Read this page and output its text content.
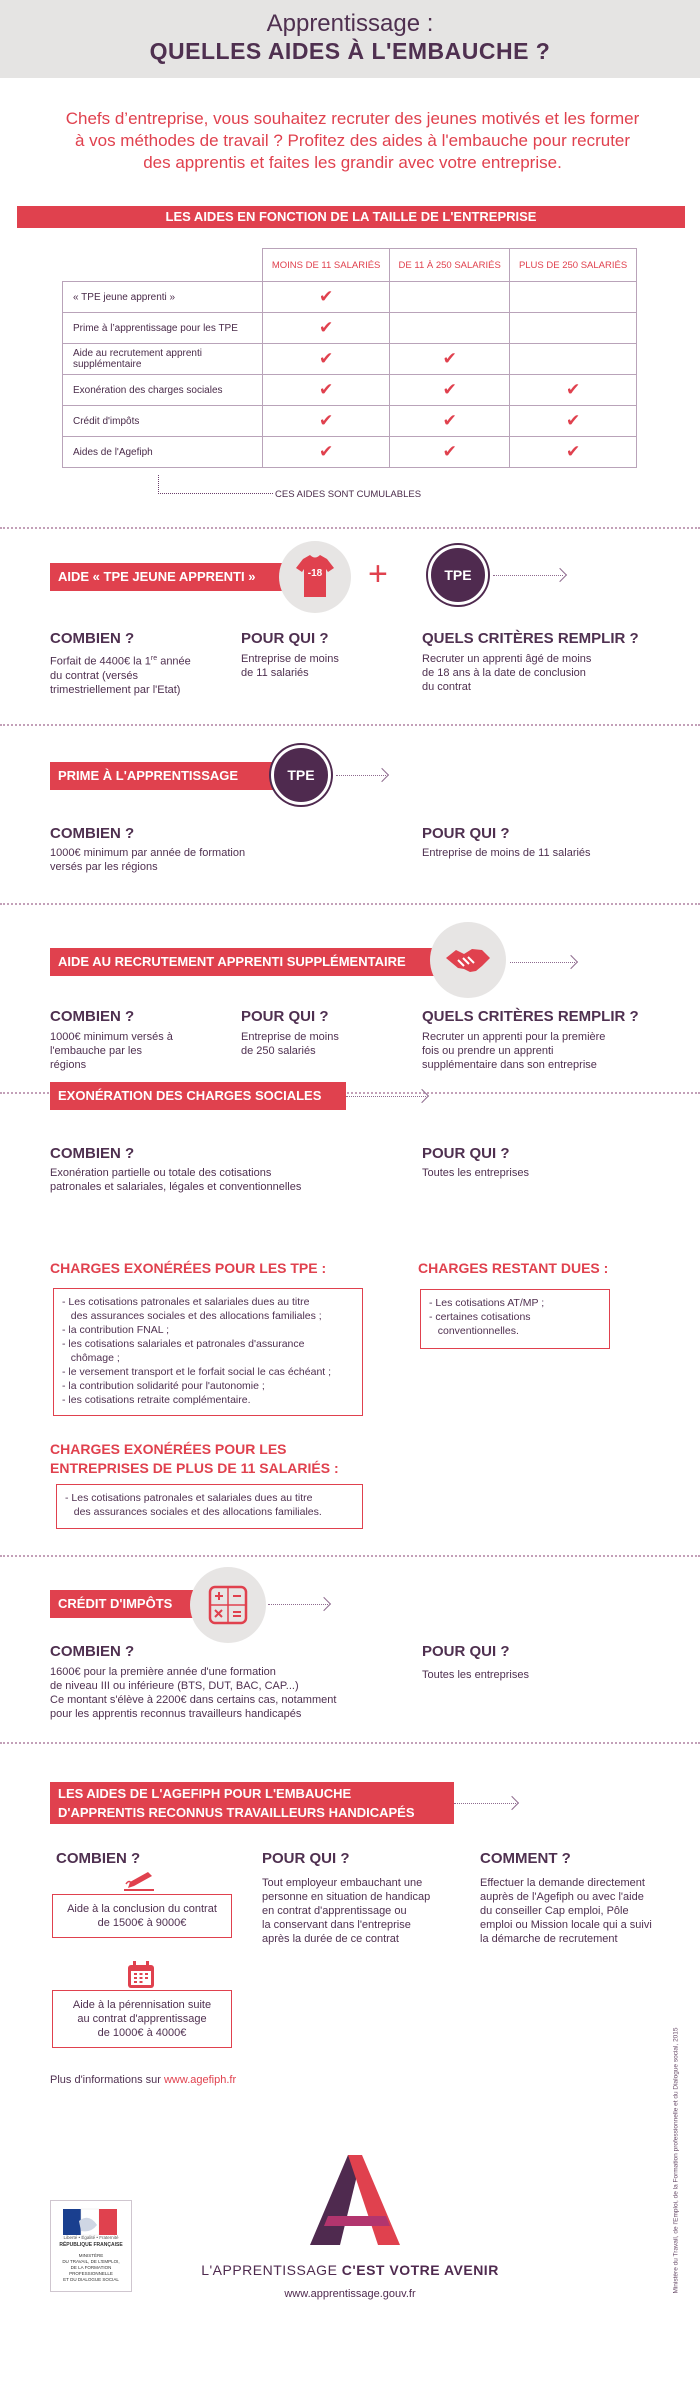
Apprentissage :
QUELLES AIDES À L'EMBAUCHE ?
Chefs d’entreprise, vous souhaitez recruter des jeunes motivés et les former à vos méthodes de travail ? Profitez des aides à l'embauche pour recruter des apprentis et faites les grandir avec votre entreprise.
LES AIDES EN FONCTION DE LA TAILLE DE L'ENTREPRISE
	MOINS DE 11 SALARIÉS	DE 11 À 250 SALARIÉS	PLUS DE 250 SALARIÉS
« TPE jeune apprenti »	✔		
Prime à l’apprentissage pour les TPE	✔		
Aide au recrutement apprenti supplémentaire	✔	✔	
Exonération des charges sociales	✔	✔	✔
Crédit d'impôts	✔	✔	✔
Aides de l'Agefiph	✔	✔	✔
CES AIDES SONT CUMULABLES
AIDE « TPE JEUNE APPRENTI »	-18 +	TPE
COMBIEN ?
Forfait de 4400€ la 1re année
du contrat (versés
trimestriellement par l'Etat)
POUR QUI ?
Entreprise de moins
de 11 salariés
QUELS CRITÈRES REMPLIR ?
Recruter un apprenti âgé de moins
de 18 ans à la date de conclusion
du contrat
PRIME À L'APPRENTISSAGE	TPE
COMBIEN ?
1000€ minimum par année de formation
versés par les régions
POUR QUI ?
Entreprise de moins de 11 salariés
AIDE AU RECRUTEMENT APPRENTI SUPPLÉMENTAIRE
COMBIEN ?
1000€ minimum versés à
l'embauche par les
régions
POUR QUI ?
Entreprise de moins
de 250 salariés
QUELS CRITÈRES REMPLIR ?
Recruter un apprenti pour la première
fois ou prendre un apprenti
supplémentaire dans son entreprise
EXONÉRATION DES CHARGES SOCIALES
COMBIEN ?
Exonération partielle ou totale des cotisations
patronales et salariales, légales et conventionnelles
POUR QUI ?
Toutes les entreprises
CHARGES EXONÉRÉES POUR LES TPE :
- Les cotisations patronales et salariales dues au titre
des assurances sociales et des allocations familiales ;
- la contribution FNAL ;
- les cotisations salariales et patronales d'assurance
chômage ;
- le versement transport et le forfait social le cas échéant ;
- la contribution solidarité pour l'autonomie ;
- les cotisations retraite complémentaire.
CHARGES RESTANT DUES :
- Les cotisations AT/MP ;
- certaines cotisations
conventionnelles.
CHARGES EXONÉRÉES POUR LES
ENTREPRISES DE PLUS DE 11 SALARIÉS :
- Les cotisations patronales et salariales dues au titre
des assurances sociales et des allocations familiales.
CRÉDIT D'IMPÔTS
COMBIEN ?
1600€ pour la première année d'une formation
de niveau III ou inférieure (BTS, DUT, BAC, CAP...)
Ce montant s'élève à 2200€ dans certains cas, notamment
pour les apprentis reconnus travailleurs handicapés
POUR QUI ?
Toutes les entreprises
LES AIDES DE L'AGEFIPH POUR L'EMBAUCHE
D'APPRENTIS RECONNUS TRAVAILLEURS HANDICAPÉS
COMBIEN ?
Aide à la conclusion du contrat
de 1500€ à 9000€
Aide à la pérennisation suite
au contrat d'apprentissage
de 1000€ à 4000€
POUR QUI ?
Tout employeur embauchant une
personne en situation de handicap
en contrat d'apprentissage ou
la conservant dans l'entreprise
après la durée de ce contrat
COMMENT ?
Effectuer la demande directement
auprès de l'Agefiph ou avec l'aide
du conseiller Cap emploi, Pôle
emploi ou Mission locale qui a suivi
la démarche de recrutement
Plus d'informations sur www.agefiph.fr
Liberté • Égalité • Fraternité
RÉPUBLIQUE FRANÇAISE
MINISTÈRE
DU TRAVAIL, DE L'EMPLOI,
DE LA FORMATION
PROFESSIONNELLE
ET DU DIALOGUE SOCIAL
L'APPRENTISSAGE C'EST VOTRE AVENIR
www.apprentissage.gouv.fr
Ministère du Travail, de l'Emploi, de la Formation professionnelle et du Dialogue social, 2015
